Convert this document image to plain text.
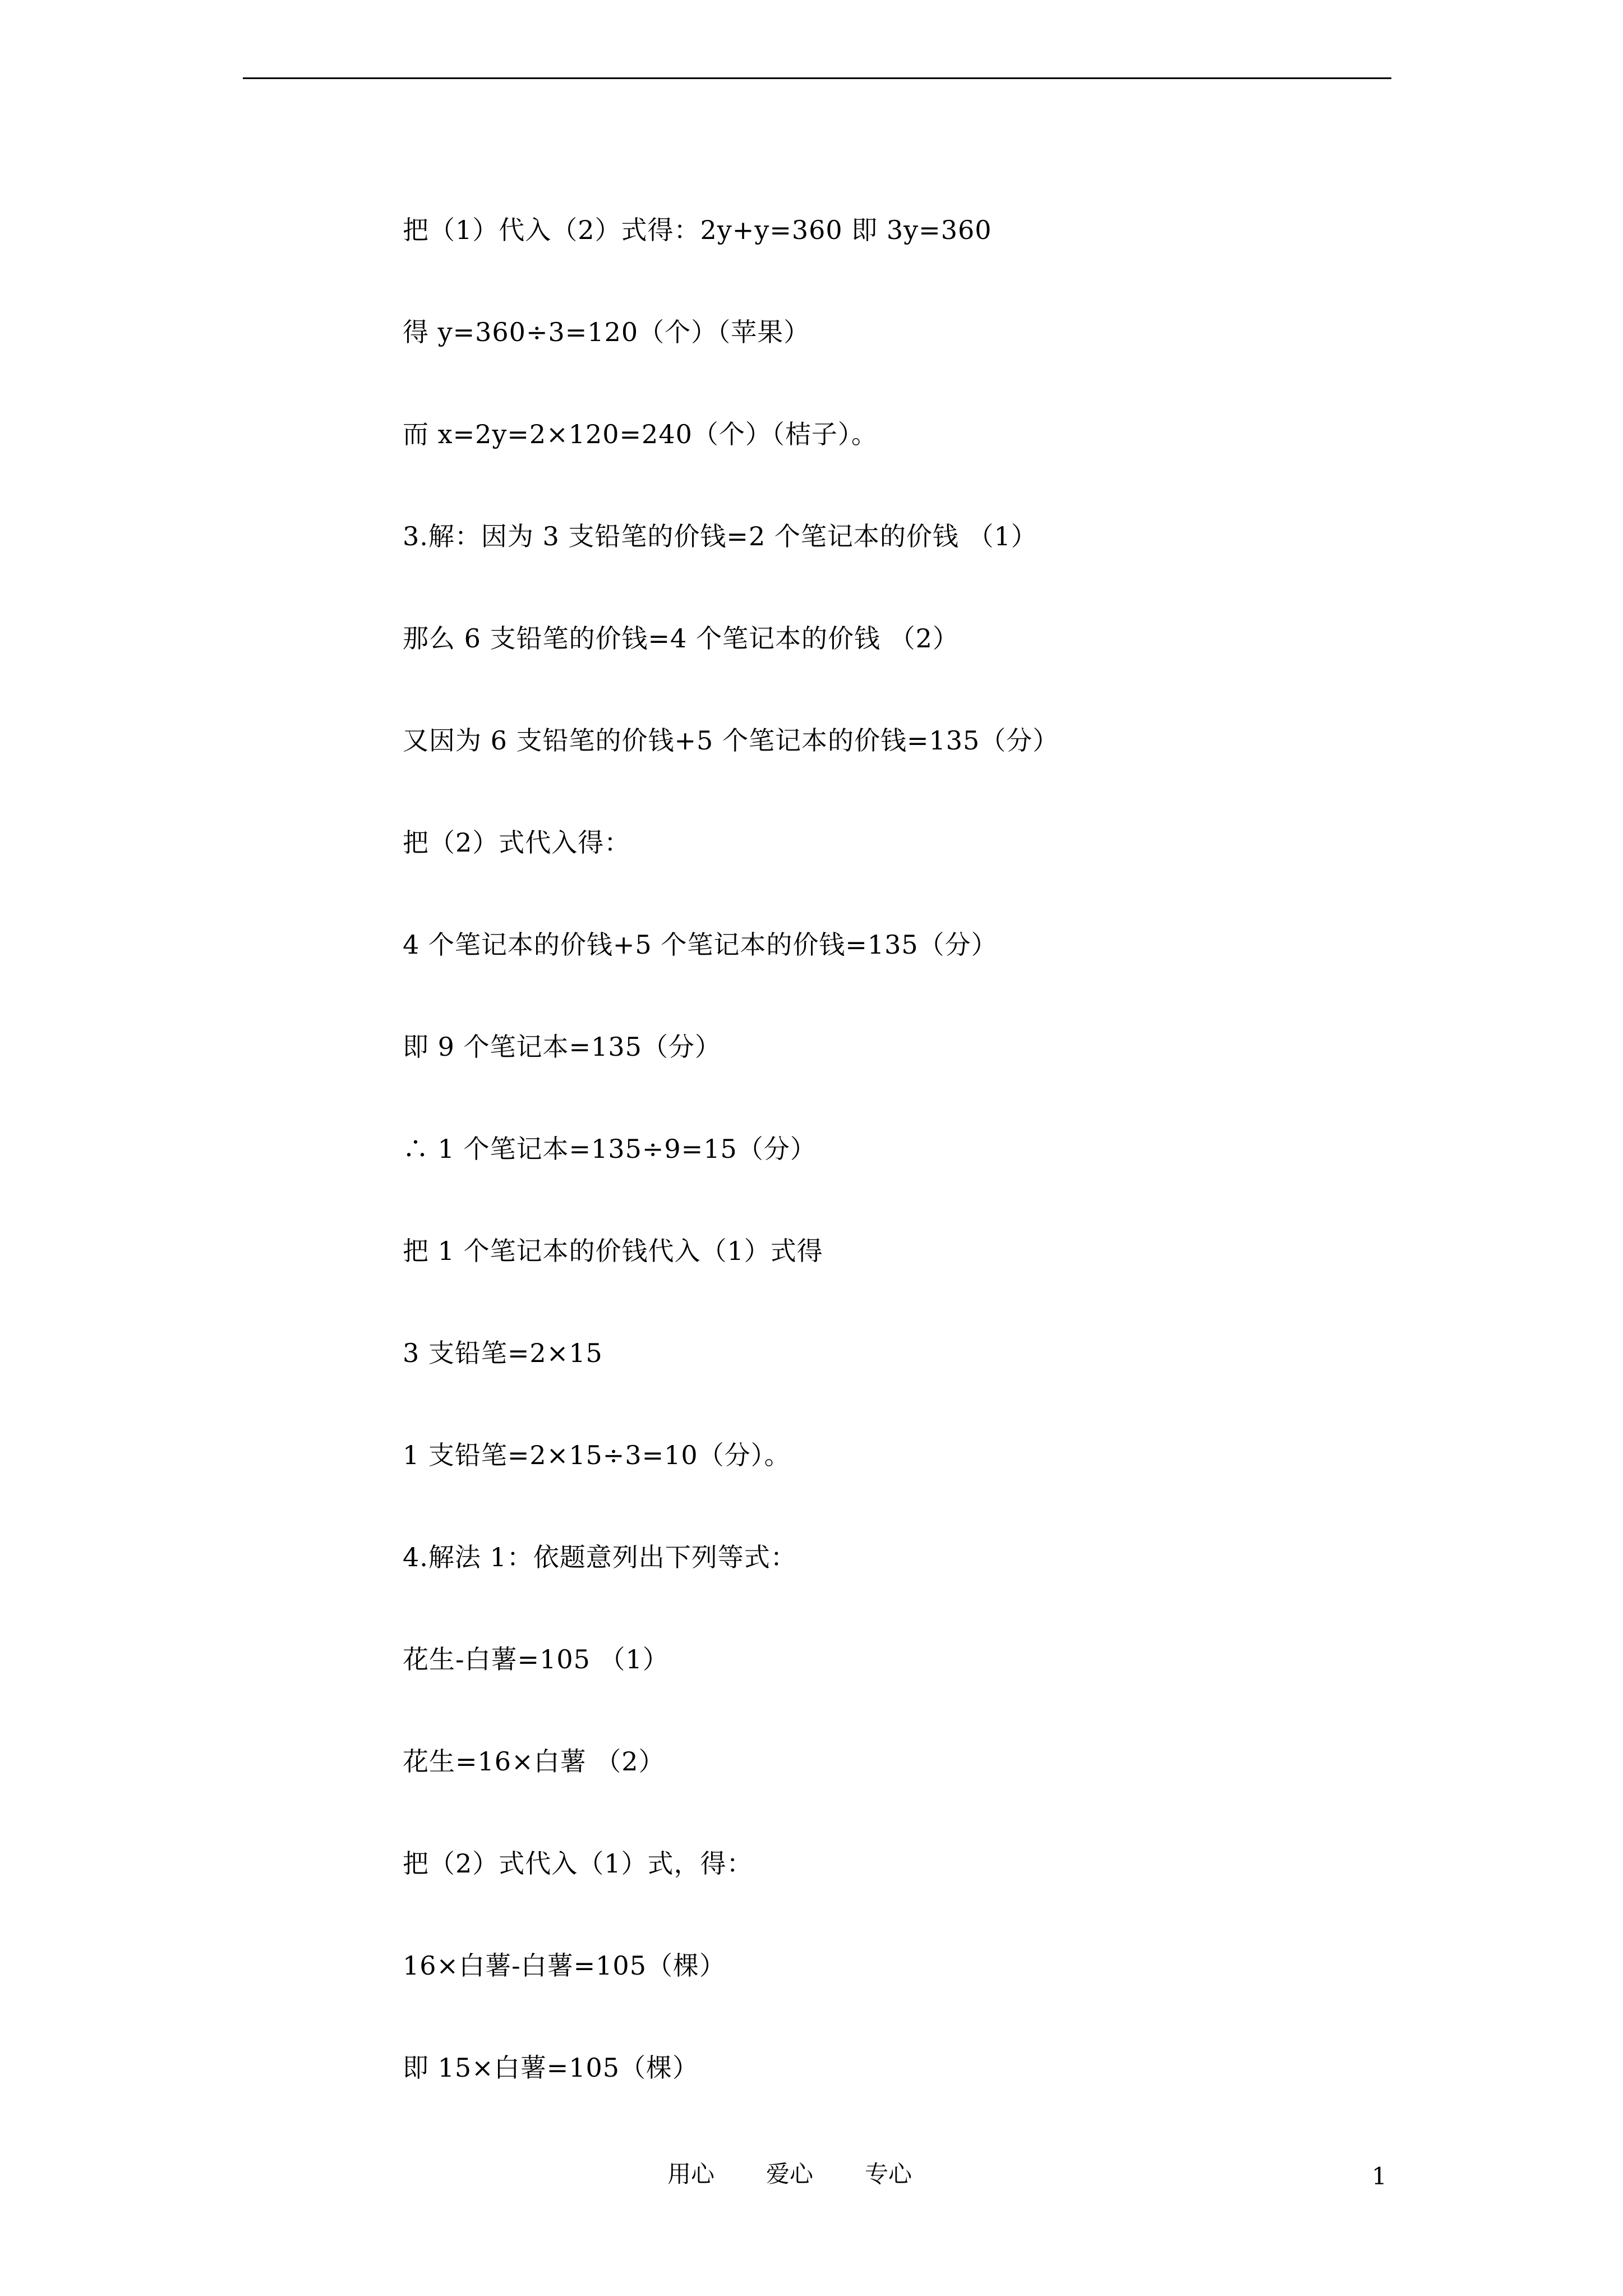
把（1）代入（2）式得：2y+y=360 即 3y=360
得 y=360÷3=120（个）（苹果）
而 x=2y=2×120=240（个）（桔子）。
3.解：因为 3 支铅笔的价钱=2 个笔记本的价钱 （1）
那么 6 支铅笔的价钱=4 个笔记本的价钱 （2）
又因为 6 支铅笔的价钱+5 个笔记本的价钱=135（分）
把（2）式代入得：
4 个笔记本的价钱+5 个笔记本的价钱=135（分）
即 9 个笔记本=135（分）
∴ 1 个笔记本=135÷9=15（分）
把 1 个笔记本的价钱代入（1）式得
3 支铅笔=2×15
1 支铅笔=2×15÷3=10（分）。
4.解法 1：依题意列出下列等式：
花生-白薯=105 （1）
花生=16×白薯 （2）
把（2）式代入（1）式，得：
16×白薯-白薯=105（棵）
即 15×白薯=105（棵）
用心 爱心 专心	1
